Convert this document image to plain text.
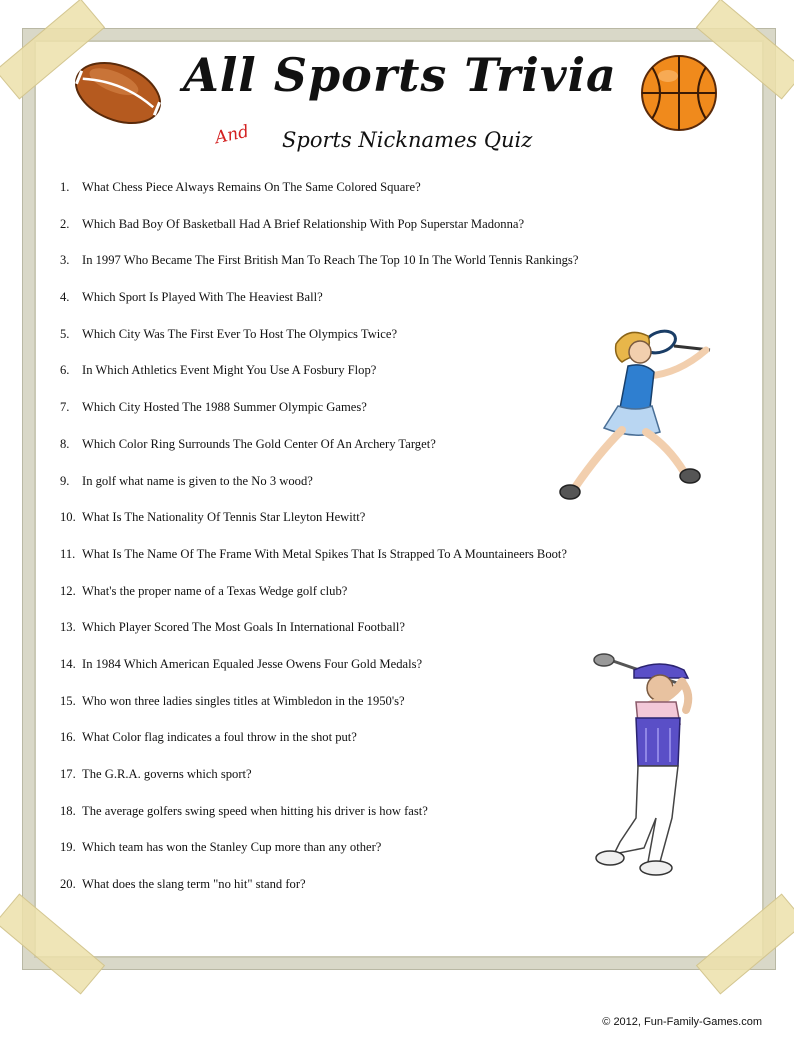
All Sports Trivia
And Sports Nicknames Quiz
1. What Chess Piece Always Remains On The Same Colored Square?
2. Which Bad Boy Of Basketball Had A Brief Relationship With Pop Superstar Madonna?
3. In 1997 Who Became The First British Man To Reach The Top 10 In The World Tennis Rankings?
4. Which Sport Is Played With The Heaviest Ball?
5. Which City Was The First Ever To Host The Olympics Twice?
6. In Which Athletics Event Might You Use A Fosbury Flop?
7. Which City Hosted The 1988 Summer Olympic Games?
8. Which Color Ring Surrounds The Gold Center Of An Archery Target?
9. In golf what name is given to the No 3 wood?
10. What Is The Nationality Of Tennis Star Lleyton Hewitt?
11. What Is The Name Of The Frame With Metal Spikes That Is Strapped To A Mountaineers Boot?
12. What's the proper name of a Texas Wedge golf club?
13. Which Player Scored The Most Goals In International Football?
14. In 1984 Which American Equaled Jesse Owens Four Gold Medals?
15. Who won three ladies singles titles at Wimbledon in the 1950's?
16. What Color flag indicates a foul throw in the shot put?
17. The G.R.A. governs which sport?
18. The average golfers swing speed when hitting his driver is how fast?
19. Which team has won the Stanley Cup more than any other?
20. What does the slang term "no hit" stand for?
© 2012, Fun-Family-Games.com
